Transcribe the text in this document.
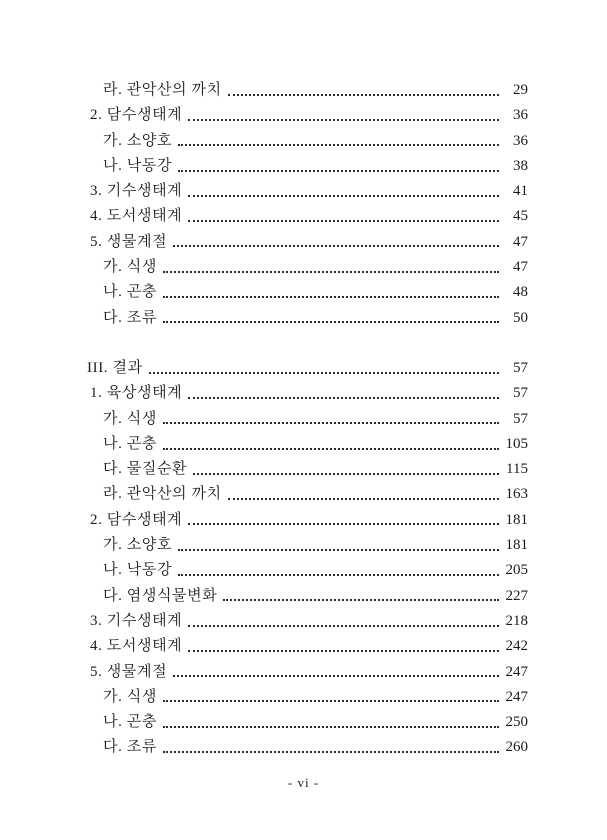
라. 관악산의 까치	29
2. 담수생태계	36
가. 소양호	36
나. 낙동강	38
3. 기수생태계	41
4. 도서생태계	45
5. 생물계절	47
가. 식생	47
나. 곤충	48
다. 조류	50
III. 결과	57
1. 육상생태계	57
가. 식생	57
나. 곤충	105
다. 물질순환	115
라. 관악산의 까치	163
2. 담수생태계	181
가. 소양호	181
나. 낙동강	205
다. 염생식물변화	227
3. 기수생태계	218
4. 도서생태계	242
5. 생물계절	247
가. 식생	247
나. 곤충	250
다. 조류	260
- vi -
